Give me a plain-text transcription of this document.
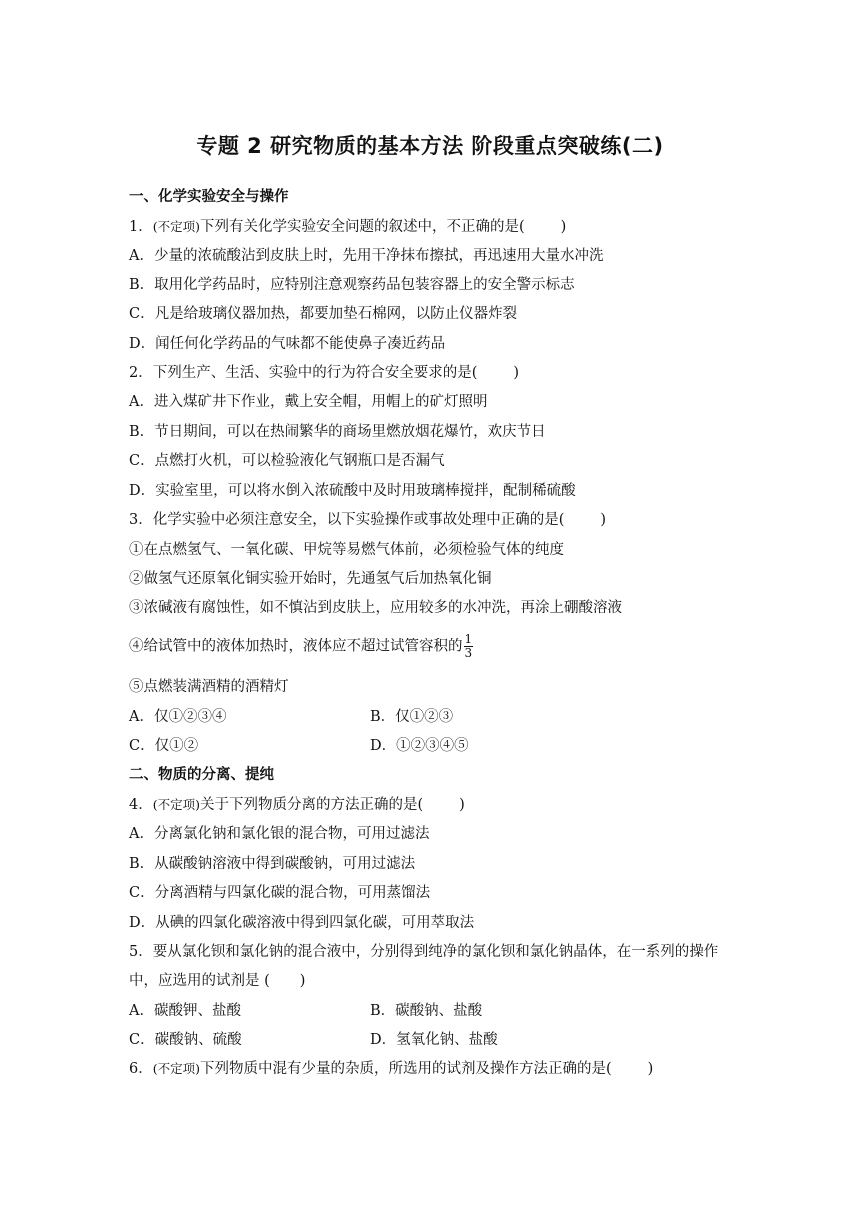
专题 2 研究物质的基本方法 阶段重点突破练(二)
一、化学实验安全与操作
1．(不定项)下列有关化学实验安全问题的叙述中，不正确的是( )
A．少量的浓硫酸沾到皮肤上时，先用干净抹布擦拭，再迅速用大量水冲洗
B．取用化学药品时，应特别注意观察药品包装容器上的安全警示标志
C．凡是给玻璃仪器加热，都要加垫石棉网，以防止仪器炸裂
D．闻任何化学药品的气味都不能使鼻子凑近药品
2．下列生产、生活、实验中的行为符合安全要求的是( )
A．进入煤矿井下作业，戴上安全帽，用帽上的矿灯照明
B．节日期间，可以在热闹繁华的商场里燃放烟花爆竹，欢庆节日
C．点燃打火机，可以检验液化气钢瓶口是否漏气
D．实验室里，可以将水倒入浓硫酸中及时用玻璃棒搅拌，配制稀硫酸
3．化学实验中必须注意安全，以下实验操作或事故处理中正确的是( )
①在点燃氢气、一氧化碳、甲烷等易燃气体前，必须检验气体的纯度
②做氢气还原氧化铜实验开始时，先通氢气后加热氧化铜
③浓碱液有腐蚀性，如不慎沾到皮肤上，应用较多的水冲洗，再涂上硼酸溶液
④给试管中的液体加热时，液体应不超过试管容积的 $\frac{1}{3}$
⑤点燃装满酒精的酒精灯
A．仅①②③④	B．仅①②③
C．仅①②	D．①②③④⑤
二、物质的分离、提纯
4．(不定项)关于下列物质分离的方法正确的是( )
A．分离氯化钠和氯化银的混合物，可用过滤法
B．从碳酸钠溶液中得到碳酸钠，可用过滤法
C．分离酒精与四氯化碳的混合物，可用蒸馏法
D．从碘的四氯化碳溶液中得到四氯化碳，可用萃取法
5．要从氯化钡和氯化钠的混合液中，分别得到纯净的氯化钡和氯化钠晶体，在一系列的操作
中，应选用的试剂是 ( )
A．碳酸钾、盐酸	B．碳酸钠、盐酸
C．碳酸钠、硫酸	D．氢氧化钠、盐酸
6．(不定项)下列物质中混有少量的杂质，所选用的试剂及操作方法正确的是( )
